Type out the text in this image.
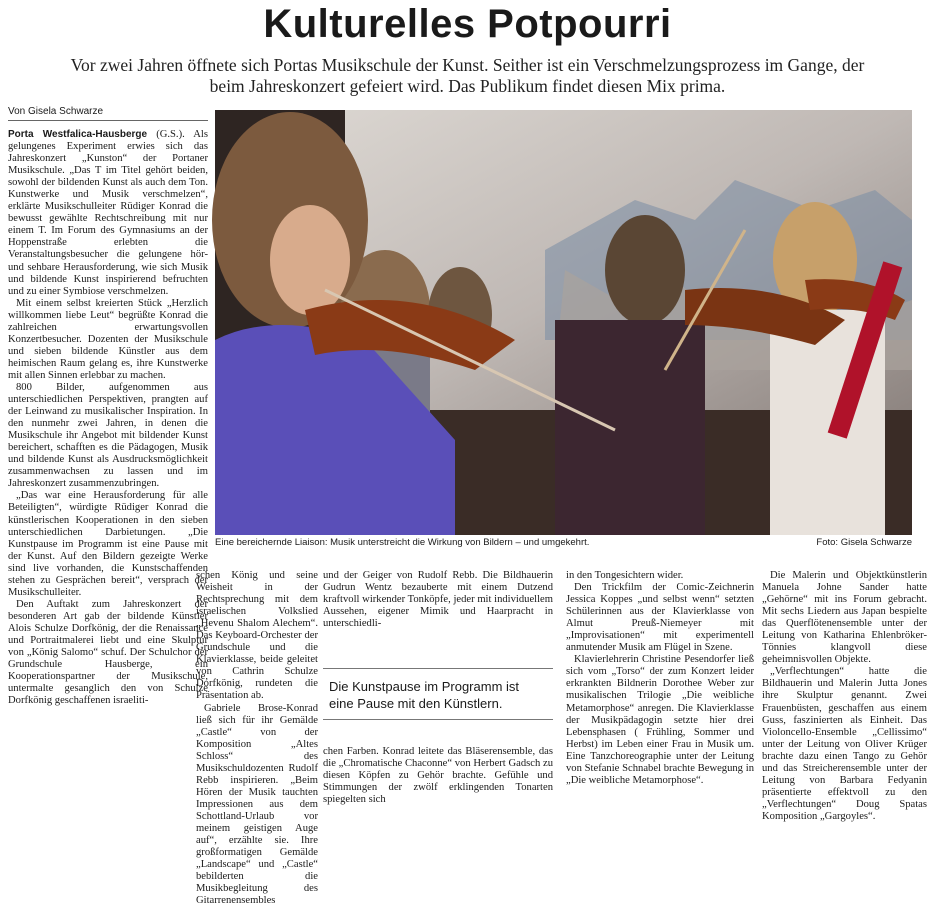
Kulturelles Potpourri
Vor zwei Jahren öffnete sich Portas Musikschule der Kunst. Seither ist ein Verschmelzungsprozess im Gange, der beim Jahreskonzert gefeiert wird. Das Publikum findet diesen Mix prima.
Von Gisela Schwarze

Porta Westfalica-Hausberge (G.S.). Als gelungenes Experiment erwies sich das Jahreskonzert „Kunston“ der Portaner Musikschule. „Das T im Titel gehört beiden, sowohl der bildenden Kunst als auch dem Ton. Kunstwerke und Musik verschmelzen“, erklärte Musikschulleiter Rüdiger Konrad die bewusst gewählte Rechtschreibung mit nur einem T. Im Forum des Gymnasiums an der Hoppenstraße erlebten die Veranstaltungsbesucher die gelungene hör- und sehbare Herausforderung, wie sich Musik und bildende Kunst inspirierend befruchten und zu einer Symbiose verschmelzen.

Mit einem selbst kreierten Stück „Herzlich willkommen liebe Leut“ begrüßte Konrad die zahlreichen erwartungsvollen Konzertbesucher. Dozenten der Musikschule und sieben bildende Künstler aus dem heimischen Raum gelang es, ihre Kunstwerke mit allen Sinnen erlebbar zu machen.

800 Bilder, aufgenommen aus unterschiedlichen Perspektiven, prangten auf der Leinwand zu musikalischer Inspiration. In den nunmehr zwei Jahren, in denen die Musikschule ihr Angebot mit bildender Kunst bereichert, schafften es die Pädagogen, Musik und bildende Kunst als Ausdrucksmöglichkeit zusammenwachsen zu lassen und im Jahreskonzert zusammenzubringen.

„Das war eine Herausforderung für alle Beteiligten“, würdigte Rüdiger Konrad die künstlerischen Kooperationen in den sieben unterschiedlichen Darbietungen. „Die Kunstpause im Programm ist eine Pause mit der Kunst. Auf den Bildern gezeigte Werke sind live vorhanden, die Kunstschaffenden stehen zu Gesprächen bereit“, versprach der Musikschulleiter.

Den Auftakt zum Jahreskonzert der besonderen Art gab der bildende Künstler Alois Schulze Dorfkönig, der die Renaissance und Portraitmalerei liebt und eine Skulptur von „König Salomo“ schuf. Der Schulchor der Grundschule Hausberge, ein Kooperationspartner der Musikschule, untermalte gesanglich den von Schulze Dorfkönig geschaffenen israeliti-

Eine bereichernde Liaison: Musik unterstreicht die Wirkung von Bildern – und umgekehrt.	Foto: Gisela Schwarze

schen König und seine Weisheit in der Rechtsprechung mit dem israelischen Volkslied „Hevenu Shalom Alechem“. Das Keyboard-Orchester der Grundschule und die Klavierklasse, beide geleitet von Cathrin Schulze Dorfkönig, rundeten die Präsentation ab.

Gabriele Brose-Konrad ließ sich für ihr Gemälde „Castle“ von der Komposition „Altes Schloss“ des Musikschuldozenten Rudolf Rebb inspirieren. „Beim Hören der Musik tauchten Impressionen aus dem Schottland-Urlaub vor meinem geistigen Auge auf“, erzählte sie. Ihre großformatigen Gemälde „Landscape“ und „Castle“ bebilderten die Musikbegleitung des Gitarrenensembles

und der Geiger von Rudolf Rebb. Die Bildhauerin Gudrun Wentz bezauberte mit einem Dutzend kraftvoll wirkender Tonköpfe, jeder mit individuellem Aussehen, eigener Mimik und Haarpracht in unterschiedli-

Die Kunstpause im Programm ist eine Pause mit den Künstlern.

chen Farben. Konrad leitete das Bläserensemble, das die „Chromatische Chaconne“ von Herbert Gadsch zu diesen Köpfen zu Gehör brachte. Gefühle und Stimmungen der zwölf erklingenden Tonarten spiegelten sich

in den Tongesichtern wider.

Den Trickfilm der Comic-Zeichnerin Jessica Koppes „und selbst wenn“ setzten Schülerinnen aus der Klavierklasse von Almut Preuß-Niemeyer mit „Improvisationen“ mit experimentell anmutender Musik am Flügel in Szene.

Klavierlehrerin Christine Pesendorfer ließ sich vom „Torso“ der zum Konzert leider erkrankten Bildnerin Dorothee Weber zur musikalischen Trilogie „Die weibliche Metamorphose“ anregen. Die Klavierklasse der Musikpädagogin setzte hier drei Lebensphasen ( Frühling, Sommer und Herbst) im Leben einer Frau in Musik um. Eine Tanzchoreographie unter der Leitung von Stefanie Schnabel brachte Bewegung in „Die weibliche Metamorphose“.

Die Malerin und Objektkünstlerin Manuela Johne Sander hatte „Gehörne“ mit ins Forum gebracht. Mit sechs Liedern aus Japan bespielte das Querflötenensemble unter der Leitung von Katharina Ehlenbröker-Tönnies klangvoll diese geheimnisvollen Objekte.

„Verflechtungen“ hatte die Bildhauerin und Malerin Jutta Jones ihre Skulptur genannt. Zwei Frauenbüsten, geschaffen aus einem Guss, faszinierten als Einheit. Das Violoncello-Ensemble „Cellissimo“ unter der Leitung von Oliver Krüger brachte dazu einen Tango zu Gehör und das Streicherensemble unter der Leitung von Barbara Fedyanin präsentierte effektvoll zu den „Verflechtungen“ Doug Spatas Komposition „Gargoyles“.
